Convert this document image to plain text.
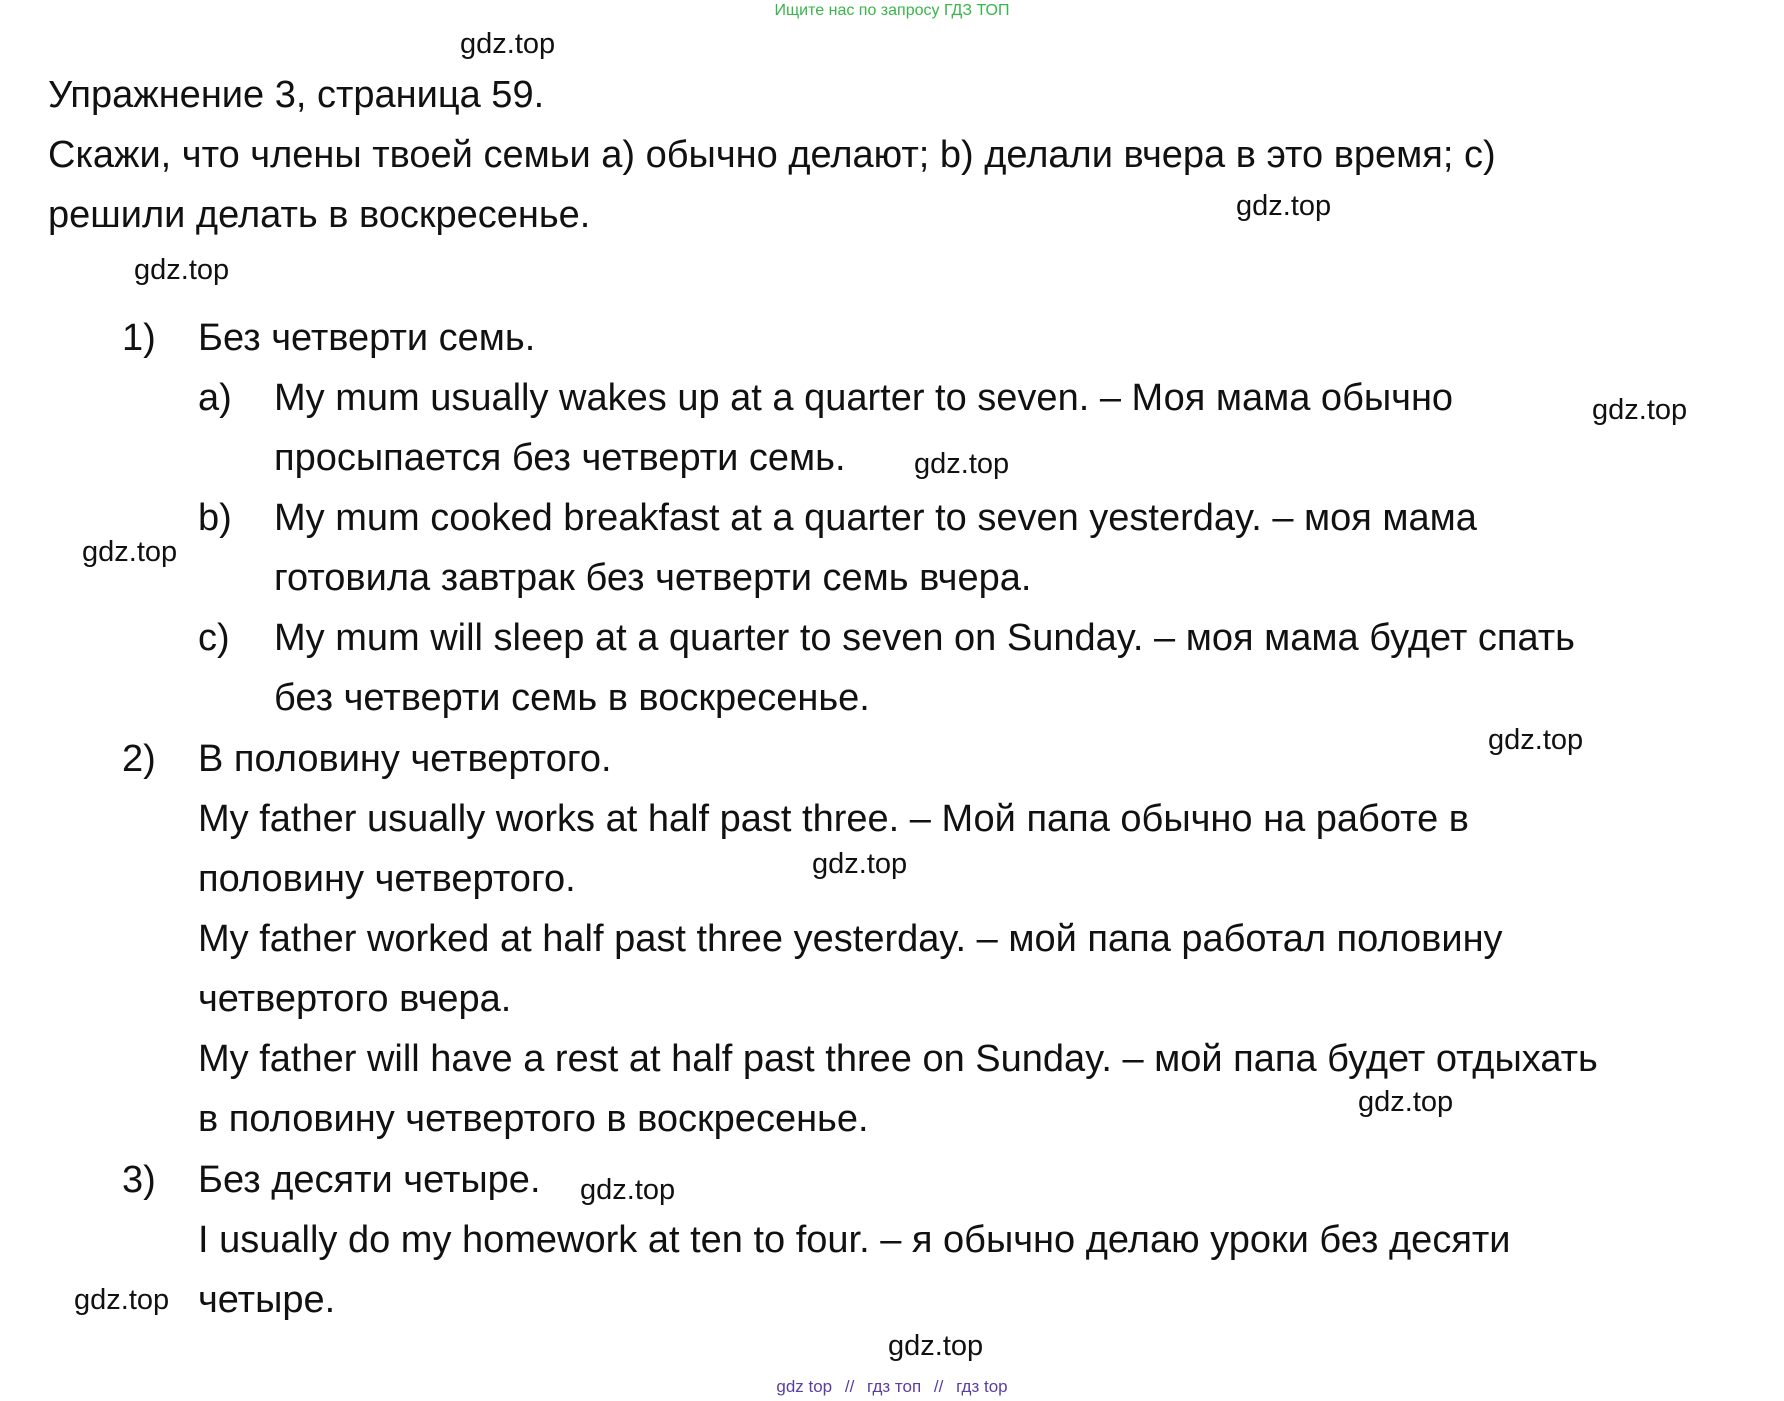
Ищите нас по запросу ГДЗ ТОП
gdz.top
gdz.top
gdz.top
gdz.top
gdz.top
gdz.top
gdz.top
gdz.top
gdz.top
gdz.top
gdz.top
gdz.top
Упражнение 3, страница 59.
Скажи, что члены твоей семьи a) обычно делают; b) делали вчера в это время; c)
решили делать в воскресенье.
1) Без четверти семь.
a) My mum usually wakes up at a quarter to seven. – Моя мама обычно
просыпается без четверти семь.
b) My mum cooked breakfast at a quarter to seven yesterday. – моя мама
готовила завтрак без четверти семь вчера.
c) My mum will sleep at a quarter to seven on Sunday. – моя мама будет спать
без четверти семь в воскресенье.
2) В половину четвертого.
My father usually works at half past three. – Мой папа обычно на работе в
половину четвертого.
My father worked at half past three yesterday. – мой папа работал половину
четвертого вчера.
My father will have a rest at half past three on Sunday. – мой папа будет отдыхать
в половину четвертого в воскресенье.
3) Без десяти четыре.
I usually do my homework at ten to four. – я обычно делаю уроки без десяти
четыре.
gdz top // гдз топ // гдз top
